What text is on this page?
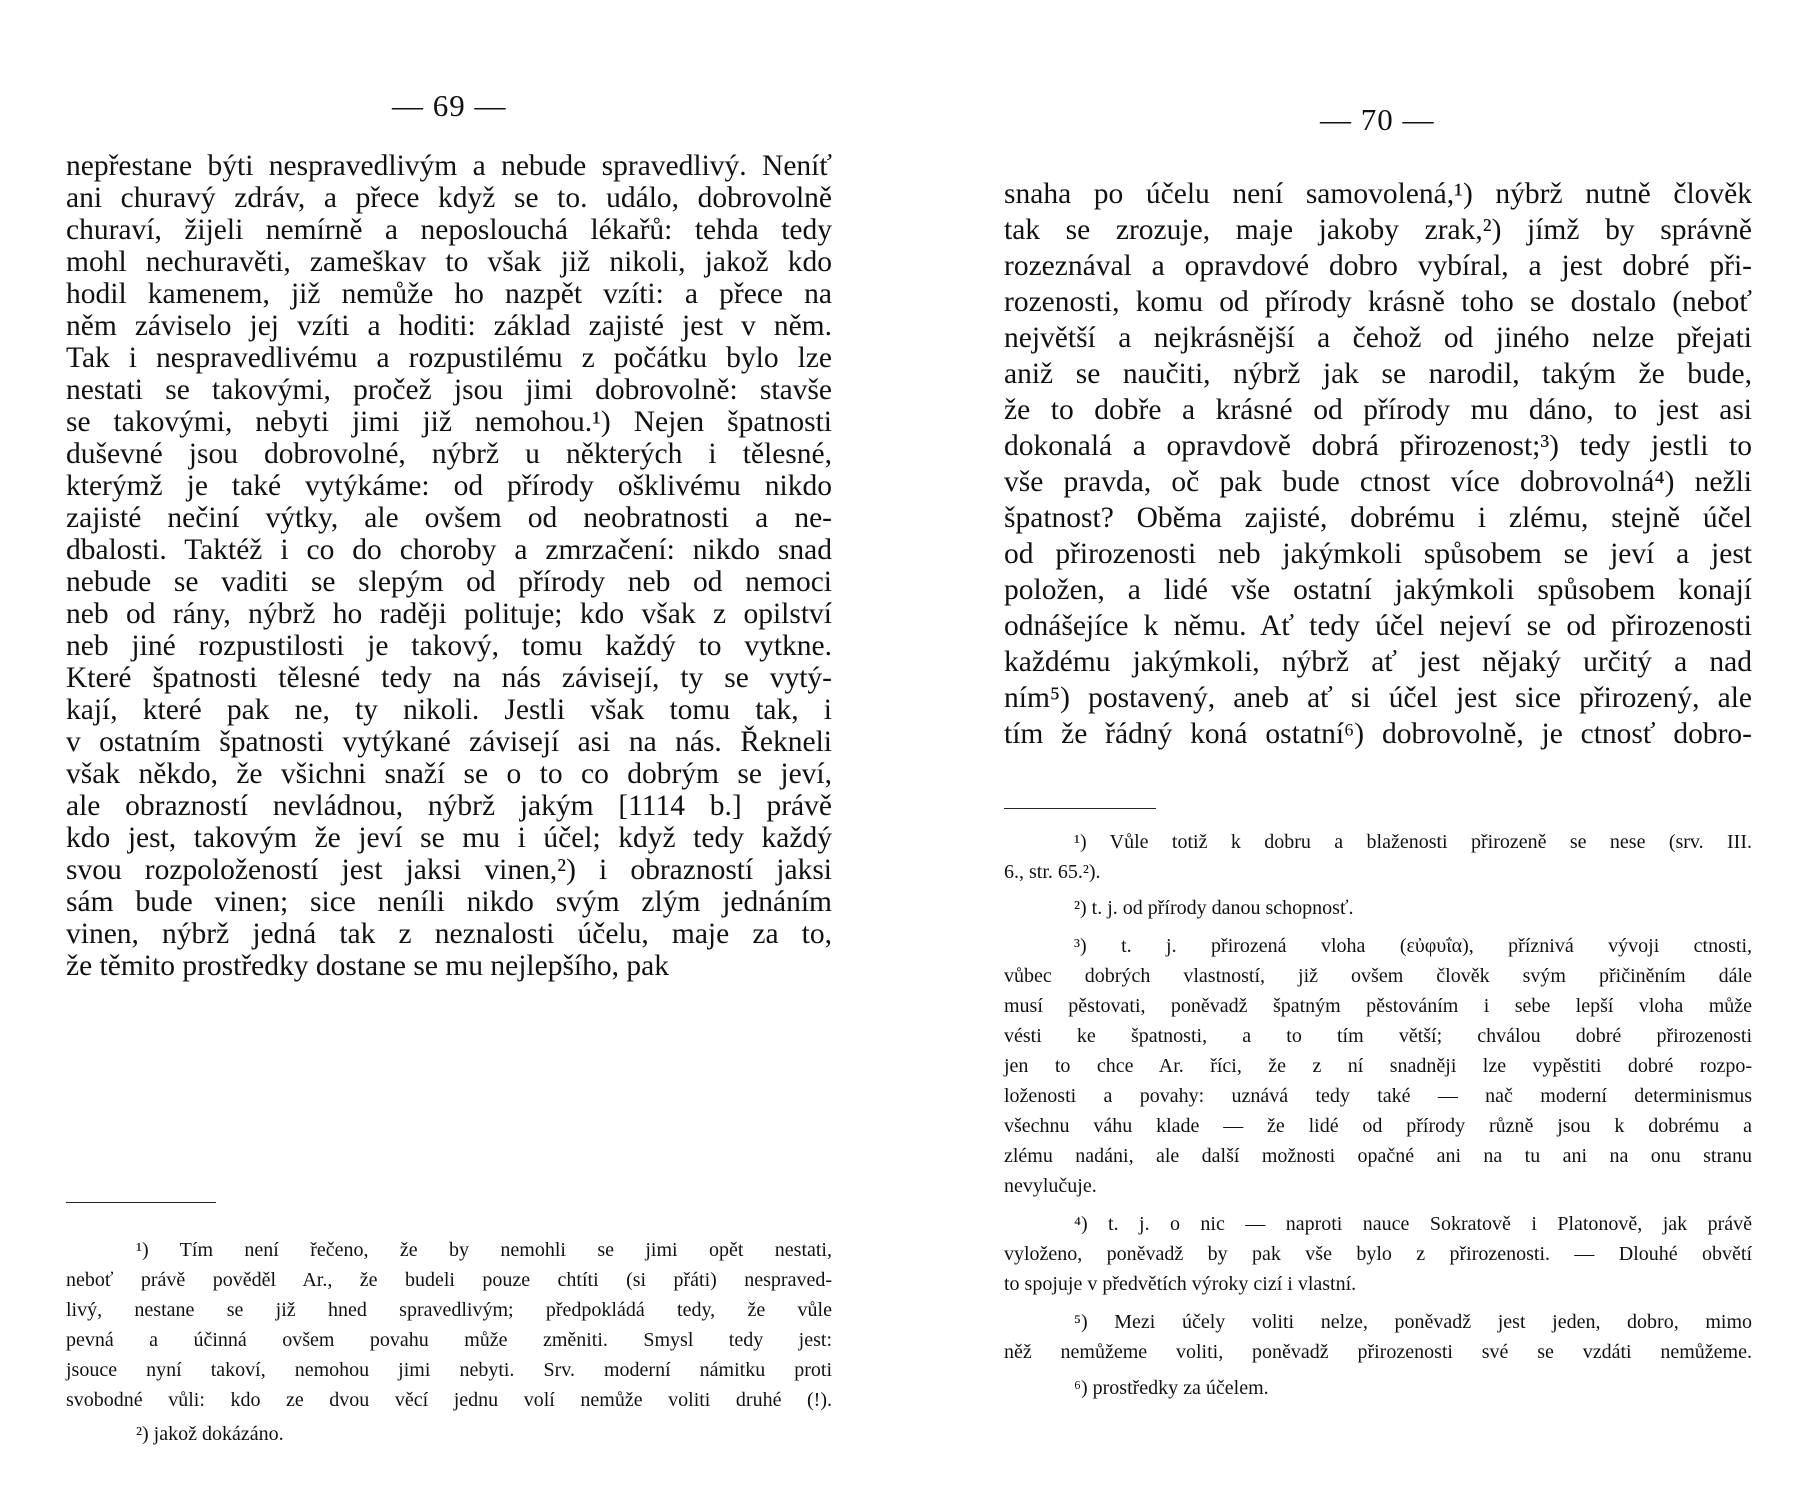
— 69 —
nepřestane býti nespravedlivým a nebude spravedlivý. Neníť
ani churavý zdráv, a přece když se to. událo, dobrovolně
churaví, žijeli nemírně a neposlouchá lékařů: tehda tedy
mohl nechuravěti, zameškav to však již nikoli, jakož kdo
hodil kamenem, již nemůže ho nazpět vzíti: a přece na
něm záviselo jej vzíti a hoditi: základ zajisté jest v něm.
Tak i nespravedlivému a rozpustilému z počátku bylo lze
nestati se takovými, pročež jsou jimi dobrovolně: stavše
se takovými, nebyti jimi již nemohou.¹) Nejen špatnosti
duševné jsou dobrovolné, nýbrž u některých i tělesné,
kterýmž je také vytýkáme: od přírody ošklivému nikdo
zajisté nečiní výtky, ale ovšem od neobratnosti a ne-
dbalosti. Taktéž i co do choroby a zmrzačení: nikdo snad
nebude se vaditi se slepým od přírody neb od nemoci
neb od rány, nýbrž ho raději polituje; kdo však z opilství
neb jiné rozpustilosti je takový, tomu každý to vytkne.
Které špatnosti tělesné tedy na nás závisejí, ty se vytý-
kají, které pak ne, ty nikoli. Jestli však tomu tak, i
v ostatním špatnosti vytýkané závisejí asi na nás. Řekneli
však někdo, že všichni snaží se o to co dobrým se jeví,
ale obrazností nevládnou, nýbrž jakým [1114 b.] právě
kdo jest, takovým že jeví se mu i účel; když tedy každý
svou rozpoložeností jest jaksi vinen,²) i obrazností jaksi
sám bude vinen; sice neníli nikdo svým zlým jednáním
vinen, nýbrž jedná tak z neznalosti účelu, maje za to,
že těmito prostředky dostane se mu nejlepšího, pak
¹) Tím není řečeno, že by nemohli se jimi opět nestati,
neboť právě pověděl Ar., že budeli pouze chtíti (si přáti) nespraved-
livý, nestane se již hned spravedlivým; předpokládá tedy, že vůle
pevná a účinná ovšem povahu může změniti. Smysl tedy jest:
jsouce nyní takoví, nemohou jimi nebyti. Srv. moderní námitku proti
svobodné vůli: kdo ze dvou věcí jednu volí nemůže voliti druhé (!).
²) jakož dokázáno.
— 70 —
snaha po účelu není samovolená,¹) nýbrž nutně člověk
tak se zrozuje, maje jakoby zrak,²) jímž by správně
rozeznával a opravdové dobro vybíral, a jest dobré při-
rozenosti, komu od přírody krásně toho se dostalo (neboť
největší a nejkrásnější a čehož od jiného nelze přejati
aniž se naučiti, nýbrž jak se narodil, takým že bude,
že to dobře a krásné od přírody mu dáno, to jest asi
dokonalá a opravdově dobrá přirozenost;³) tedy jestli to
vše pravda, oč pak bude ctnost více dobrovolná⁴) nežli
špatnost? Oběma zajisté, dobrému i zlému, stejně účel
od přirozenosti neb jakýmkoli spůsobem se jeví a jest
položen, a lidé vše ostatní jakýmkoli spůsobem konají
odnášejíce k němu. Ať tedy účel nejeví se od přirozenosti
každému jakýmkoli, nýbrž ať jest nějaký určitý a nad
ním⁵) postavený, aneb ať si účel jest sice přirozený, ale
tím že řádný koná ostatní⁶) dobrovolně, je ctnosť dobro-
¹) Vůle totiž k dobru a blaženosti přirozeně se nese (srv. III.
6., str. 65.²).
²) t. j. od přírody danou schopnosť.
³) t. j. přirozená vloha (εὐφυΐα), příznivá vývoji ctnosti,
vůbec dobrých vlastností, již ovšem člověk svým přičiněním dále
musí pěstovati, poněvadž špatným pěstováním i sebe lepší vloha může
vésti ke špatnosti, a to tím větší; chválou dobré přirozenosti
jen to chce Ar. říci, že z ní snadněji lze vypěstiti dobré rozpo-
loženosti a povahy: uznává tedy také — nač moderní determinismus
všechnu váhu klade — že lidé od přírody různě jsou k dobrému a
zlému nadáni, ale další možnosti opačné ani na tu ani na onu stranu
nevylučuje.
⁴) t. j. o nic — naproti nauce Sokratově i Platonově, jak právě
vyloženo, poněvadž by pak vše bylo z přirozenosti. — Dlouhé obvětí
to spojuje v předvětích výroky cizí i vlastní.
⁵) Mezi účely voliti nelze, poněvadž jest jeden, dobro, mimo
něž nemůžeme voliti, poněvadž přirozenosti své se vzdáti nemůžeme.
⁶) prostředky za účelem.
